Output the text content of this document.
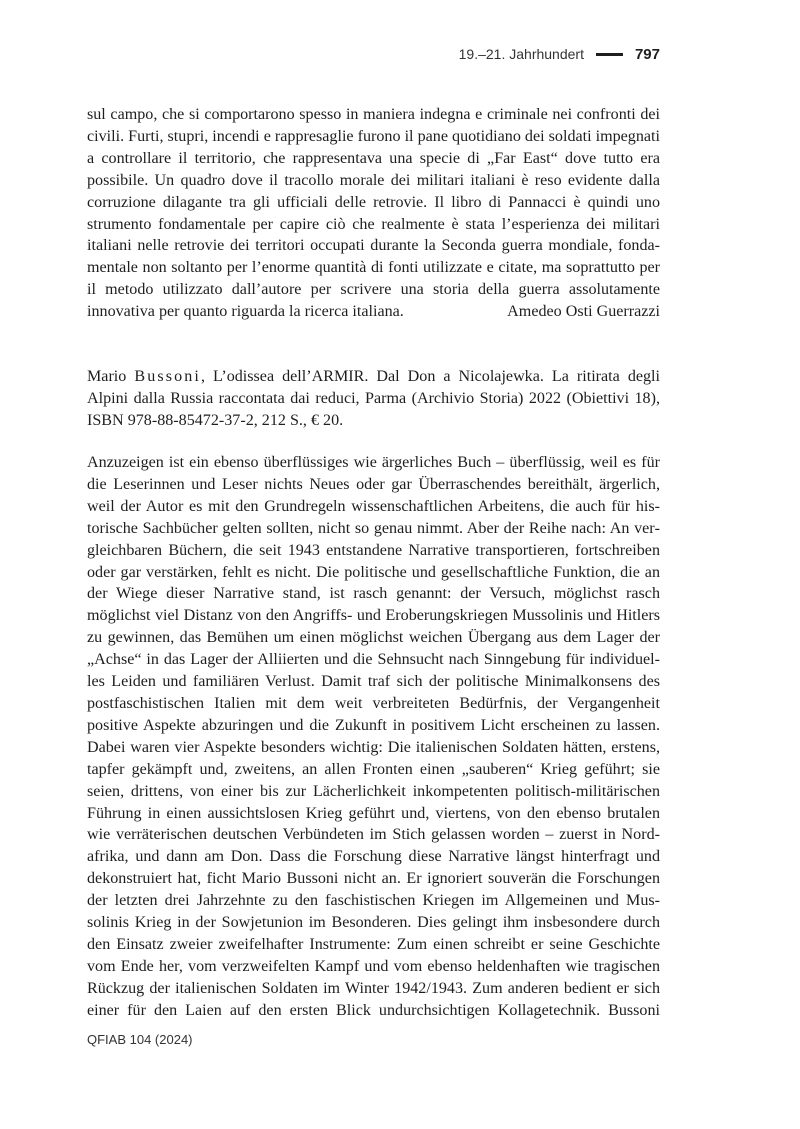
19.–21. Jahrhundert	797

sul campo, che si comportarono spesso in maniera indegna e criminale nei confronti dei civili. Furti, stupri, incendi e rappresaglie furono il pane quotidiano dei soldati impegnati a controllare il territorio, che rappresentava una specie di „Far East“ dove tutto era possibile. Un quadro dove il tracollo morale dei militari italiani è reso evidente dalla corruzione dilagante tra gli ufficiali delle retrovie. Il libro di Pannacci è quindi uno strumento fondamentale per capire ciò che realmente è stata l’esperienza dei militari italiani nelle retrovie dei territori occupati durante la Seconda guerra mondiale, fondamentale non soltanto per l’enorme quantità di fonti utilizzate e citate, ma soprattutto per il metodo utilizzato dall’autore per scrivere una storia della guerra assolutamente

innovativa per quanto riguarda la ricerca italiana.	Amedeo Osti Guerrazzi

Mario Bussoni, L’odissea dell’ARMIR. Dal Don a Nicolajewka. La ritirata degli Alpini dalla Russia raccontata dai reduci, Parma (Archivio Storia) 2022 (Obiettivi 18), ISBN 978-88-85472-37-2, 212 S., € 20.

Anzuzeigen ist ein ebenso überflüssiges wie ärgerliches Buch – überflüssig, weil es für die Leserinnen und Leser nichts Neues oder gar Überraschendes bereithält, ärgerlich, weil der Autor es mit den Grundregeln wissenschaftlichen Arbeitens, die auch für historische Sachbücher gelten sollten, nicht so genau nimmt. Aber der Reihe nach: An vergleichbaren Büchern, die seit 1943 entstandene Narrative transportieren, fortschreiben oder gar verstärken, fehlt es nicht. Die politische und gesellschaftliche Funktion, die an der Wiege dieser Narrative stand, ist rasch genannt: der Versuch, möglichst rasch möglichst viel Distanz von den Angriffs- und Eroberungskriegen Mussolinis und Hitlers zu gewinnen, das Bemühen um einen möglichst weichen Übergang aus dem Lager der „Achse“ in das Lager der Alliierten und die Sehnsucht nach Sinngebung für individuelles Leiden und familiären Verlust. Damit traf sich der politische Minimalkonsens des postfaschistischen Italien mit dem weit verbreiteten Bedürfnis, der Vergangenheit positive Aspekte abzuringen und die Zukunft in positivem Licht erscheinen zu lassen. Dabei waren vier Aspekte besonders wichtig: Die italienischen Soldaten hätten, erstens, tapfer gekämpft und, zweitens, an allen Fronten einen „sauberen“ Krieg geführt; sie seien, drittens, von einer bis zur Lächerlichkeit inkompetenten politisch-militärischen Führung in einen aussichtslosen Krieg geführt und, viertens, von den ebenso brutalen wie verräterischen deutschen Verbündeten im Stich gelassen worden – zuerst in Nordafrika, und dann am Don. Dass die Forschung diese Narrative längst hinterfragt und dekonstruiert hat, ficht Mario Bussoni nicht an. Er ignoriert souverän die Forschungen der letzten drei Jahrzehnte zu den faschistischen Kriegen im Allgemeinen und Mussolinis Krieg in der Sowjetunion im Besonderen. Dies gelingt ihm insbesondere durch den Einsatz zweier zweifelhafter Instrumente: Zum einen schreibt er seine Geschichte vom Ende her, vom verzweifelten Kampf und vom ebenso heldenhaften wie tragischen Rückzug der italienischen Soldaten im Winter 1942/1943. Zum anderen bedient er sich einer für den Laien auf den ersten Blick undurchsichtigen Kollagetechnik. Bussoni

QFIAB 104 (2024)
